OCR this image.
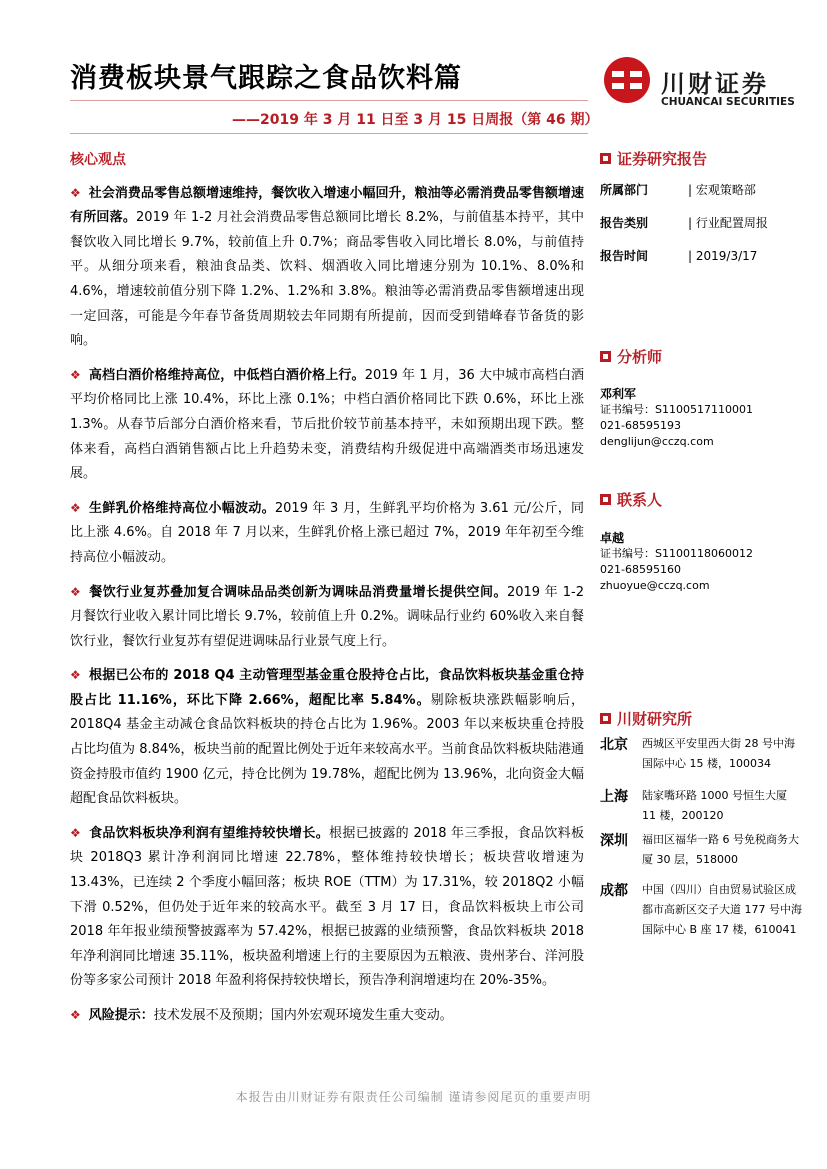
消费板块景气跟踪之食品饮料篇
——2019 年 3 月 11 日至 3 月 15 日周报（第 46 期）
川财证券
CHUANCAI SECURITIES
核心观点

❖ 社会消费品零售总额增速维持，餐饮收入增速小幅回升，粮油等必需消费品零售额增速有所回落。2019 年 1-2 月社会消费品零售总额同比增长 8.2%，与前值基本持平，其中餐饮收入同比增长 9.7%，较前值上升 0.7%；商品零售收入同比增长 8.0%，与前值持平。从细分项来看，粮油食品类、饮料、烟酒收入同比增速分别为 10.1%、8.0%和 4.6%，增速较前值分别下降 1.2%、1.2%和 3.8%。粮油等必需消费品零售额增速出现一定回落，可能是今年春节备货周期较去年同期有所提前，因而受到错峰春节备货的影响。

❖ 高档白酒价格维持高位，中低档白酒价格上行。2019 年 1 月，36 大中城市高档白酒平均价格同比上涨 10.4%，环比上涨 0.1%；中档白酒价格同比下跌 0.6%，环比上涨 1.3%。从春节后部分白酒价格来看，节后批价较节前基本持平，未如预期出现下跌。整体来看，高档白酒销售额占比上升趋势未变，消费结构升级促进中高端酒类市场迅速发展。

❖ 生鲜乳价格维持高位小幅波动。2019 年 3 月，生鲜乳平均价格为 3.61 元/公斤，同比上涨 4.6%。自 2018 年 7 月以来，生鲜乳价格上涨已超过 7%，2019 年年初至今维持高位小幅波动。

❖ 餐饮行业复苏叠加复合调味品品类创新为调味品消费量增长提供空间。2019 年 1-2 月餐饮行业收入累计同比增长 9.7%，较前值上升 0.2%。调味品行业约 60%收入来自餐饮行业，餐饮行业复苏有望促进调味品行业景气度上行。

❖ 根据已公布的 2018 Q4 主动管理型基金重仓股持仓占比，食品饮料板块基金重仓持股占比 11.16%，环比下降 2.66%，超配比率 5.84%。剔除板块涨跌幅影响后，2018Q4 基金主动减仓食品饮料板块的持仓占比为 1.96%。2003 年以来板块重仓持股占比均值为 8.84%，板块当前的配置比例处于近年来较高水平。当前食品饮料板块陆港通资金持股市值约 1900 亿元，持仓比例为 19.78%，超配比例为 13.96%，北向资金大幅超配食品饮料板块。

❖ 食品饮料板块净利润有望维持较快增长。根据已披露的 2018 年三季报，食品饮料板块 2018Q3 累计净利润同比增速 22.78%，整体维持较快增长；板块营收增速为 13.43%，已连续 2 个季度小幅回落；板块 ROE（TTM）为 17.31%，较 2018Q2 小幅下滑 0.52%，但仍处于近年来的较高水平。截至 3 月 17 日，食品饮料板块上市公司 2018 年年报业绩预警披露率为 57.42%，根据已披露的业绩预警，食品饮料板块 2018 年净利润同比增速 35.11%，板块盈利增速上行的主要原因为五粮液、贵州茅台、洋河股份等多家公司预计 2018 年盈利将保持较快增长，预告净利润增速均在 20%-35%。

❖ 风险提示：技术发展不及预期；国内外宏观环境发生重大变动。

证券研究报告
所属部门	| 宏观策略部
报告类别	| 行业配置周报
报告时间	| 2019/3/17
分析师
邓利军
证书编号：S1100517110001
021-68595193
denglijun@cczq.com
联系人
卓越
证书编号：S1100118060012
021-68595160
zhuoyue@cczq.com
川财研究所
北京 西城区平安里西大街 28 号中海国际中心 15 楼，100034
上海 陆家嘴环路 1000 号恒生大厦 11 楼，200120
深圳 福田区福华一路 6 号免税商务大厦 30 层，518000
成都 中国（四川）自由贸易试验区成都市高新区交子大道 177 号中海国际中心 B 座 17 楼，610041
本报告由川财证券有限责任公司编制 谨请参阅尾页的重要声明
